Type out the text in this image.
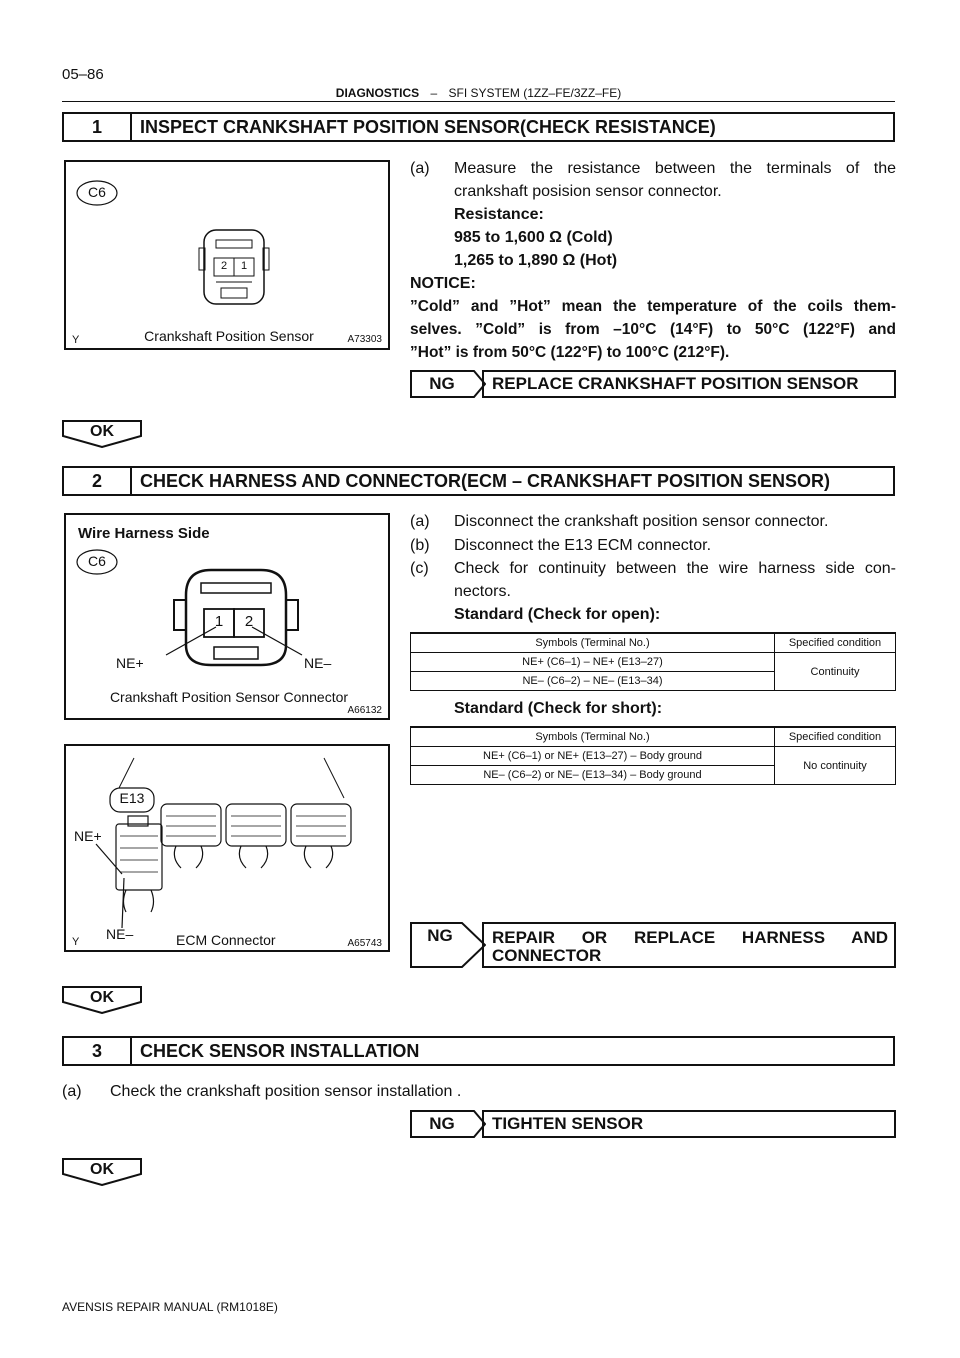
05–86
DIAGNOSTICS – SFI SYSTEM (1ZZ–FE/3ZZ–FE)
1	INSPECT CRANKSHAFT POSITION SENSOR(CHECK RESISTANCE)
C6
2	1
Crankshaft Position Sensor
Y	A73303
(a) Measure the resistance between the terminals of the
crankshaft posision sensor connector.
Resistance:
985 to 1,600 Ω (Cold)
1,265 to 1,890 Ω (Hot)
NOTICE:
”Cold” and ”Hot” mean the temperature of the coils them-
selves. ”Cold” is from –10°C (14°F) to 50°C (122°F) and
”Hot” is from 50°C (122°F) to 100°C (212°F).
NG	REPLACE CRANKSHAFT POSITION SENSOR
OK
2	CHECK HARNESS AND CONNECTOR(ECM – CRANKSHAFT POSITION SENSOR)
Wire Harness Side
C6
1	2
NE+	NE–
Crankshaft Position Sensor Connector
A66132
E13
NE+
NE–	ECM Connector
Y	A65743
(a) Disconnect the crankshaft position sensor connector.
(b) Disconnect the E13 ECM connector.
(c) Check for continuity between the wire harness side con-
nectors.
Standard (Check for open):
Symbols (Terminal No.)	Specified condition
NE+ (C6–1) – NE+ (E13–27)	Continuity
NE– (C6–2) – NE– (E13–34)	
Standard (Check for short):
Symbols (Terminal No.)	Specified condition
NE+ (C6–1) or NE+ (E13–27) – Body ground	No continuity
NE– (C6–2) or NE– (E13–34) – Body ground	
NG	REPAIR   OR   REPLACE   HARNESS   AND
CONNECTOR
OK
3	CHECK SENSOR INSTALLATION
(a) Check the crankshaft position sensor installation .
NG	TIGHTEN SENSOR
OK
AVENSIS REPAIR MANUAL (RM1018E)
